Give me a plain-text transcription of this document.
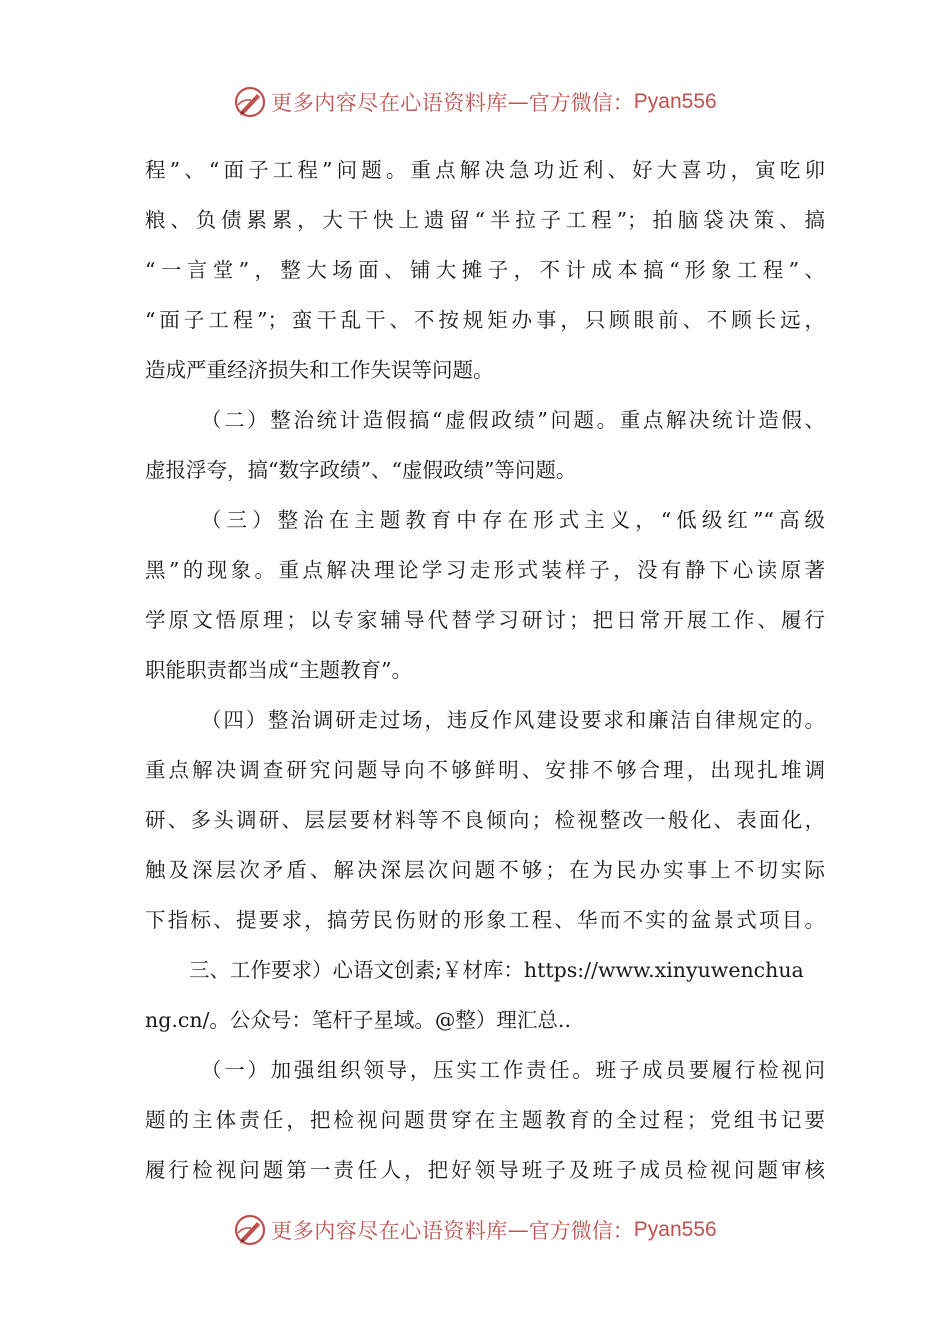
更多内容尽在心语资料库 — 官方微信： Pyan556
程”、“面子工程”问题。重点解决急功近利、好大喜功，寅吃卯
粮、负债累累，大干快上遗留“半拉子工程”；拍脑袋决策、搞
“一言堂”，整大场面、铺大摊子，不计成本搞“形象工程”、
“面子工程”；蛮干乱干、不按规矩办事，只顾眼前、不顾长远，
造成严重经济损失和工作失误等问题。
（二）整治统计造假搞“虚假政绩”问题。重点解决统计造假、
虚报浮夸，搞“数字政绩”、“虚假政绩”等问题。
（三）整治在主题教育中存在形式主义，“低级红”“高级
黑”的现象。重点解决理论学习走形式装样子，没有静下心读原著
学原文悟原理；以专家辅导代替学习研讨；把日常开展工作、履行
职能职责都当成“主题教育”。
（四）整治调研走过场，违反作风建设要求和廉洁自律规定的。
重点解决调查研究问题导向不够鲜明、安排不够合理，出现扎堆调
研、多头调研、层层要材料等不良倾向；检视整改一般化、表面化，
触及深层次矛盾、解决深层次问题不够；在为民办实事上不切实际
下指标、提要求，搞劳民伤财的形象工程、华而不实的盆景式项目。
三、工作要求）心语文创素;￥材库：https://www.xinyuwenchua
ng.cn/。公众号：笔杆子星域。@整）理汇总..
（一）加强组织领导，压实工作责任。班子成员要履行检视问
题的主体责任，把检视问题贯穿在主题教育的全过程；党组书记要
履行检视问题第一责任人，把好领导班子及班子成员检视问题审核
更多内容尽在心语资料库 — 官方微信： Pyan556
